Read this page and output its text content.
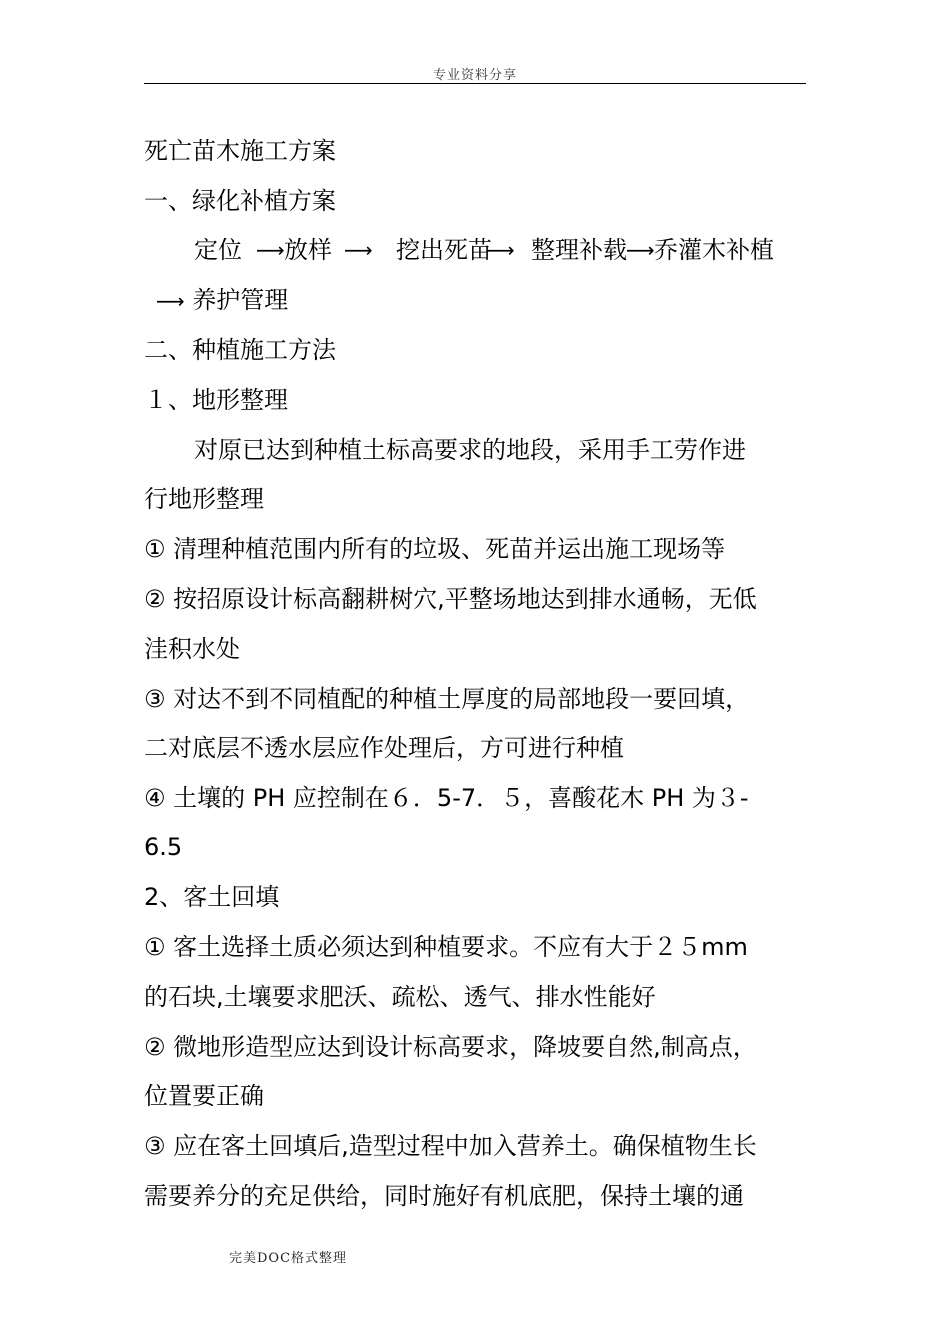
专业资料分享
死亡苗木施工方案
一、绿化补植方案
定位 ⟶ 放样 ⟶ 挖出死苗
⟶ 整理补载 ⟶ 乔灌木补植
⟶ 养护管理
二、种植施工方法
１、地形整理
对原已达到种植土标高要求的地段，采用手工劳作进
行地形整理
① 清理种植范围内所有的垃圾、死苗并运出施工现场等
② 按招原设计标高翻耕树穴,平整场地达到排水通畅，无低
洼积水处
③ 对达不到不同植配的种植土厚度的局部地段一要回填，
二对底层不透水层应作处理后，方可进行种植
④ 土壤的 PH 应控制在６．5-7．５，喜酸花木 PH 为３-
6.5
2、客土回填
① 客土选择土质必须达到种植要求。不应有大于２５mm
的石块,土壤要求肥沃、疏松、透气、排水性能好
② 微地形造型应达到设计标高要求，降坡要自然,制高点，
位置要正确
③ 应在客土回填后,造型过程中加入营养土。确保植物生长
需要养分的充足供给，同时施好有机底肥，保持土壤的通
完美DOC格式整理
